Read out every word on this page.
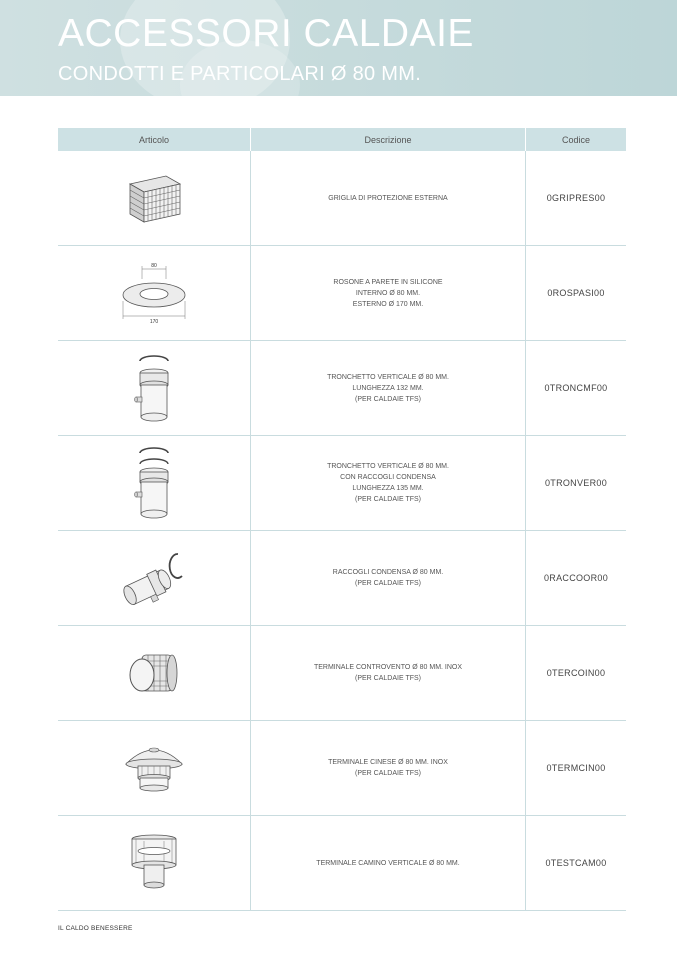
ACCESSORI CALDAIE
CONDOTTI E PARTICOLARI Ø 80 MM.
Articolo	Descrizione	Codice

GRIGLIA DI PROTEZIONE ESTERNA	0GRIPRES00

80
170	ROSONE A PARETE IN SILICONE
INTERNO Ø 80 MM.
ESTERNO Ø 170 MM.	0ROSPASI00

TRONCHETTO VERTICALE Ø 80 MM.
LUNGHEZZA 132 MM.
(PER CALDAIE TFS)	0TRONCMF00

TRONCHETTO VERTICALE Ø 80 MM.
CON RACCOGLI CONDENSA
LUNGHEZZA 135 MM.
(PER CALDAIE TFS)	0TRONVER00

RACCOGLI CONDENSA Ø 80 MM.
(PER CALDAIE TFS)	0RACCOOR00

TERMINALE CONTROVENTO Ø 80 MM. INOX
(PER CALDAIE TFS)	0TERCOIN00

TERMINALE CINESE Ø 80 MM. INOX
(PER CALDAIE TFS)	0TERMCIN00

TERMINALE CAMINO VERTICALE Ø 80 MM.	0TESTCAM00
IL CALDO BENESSERE
